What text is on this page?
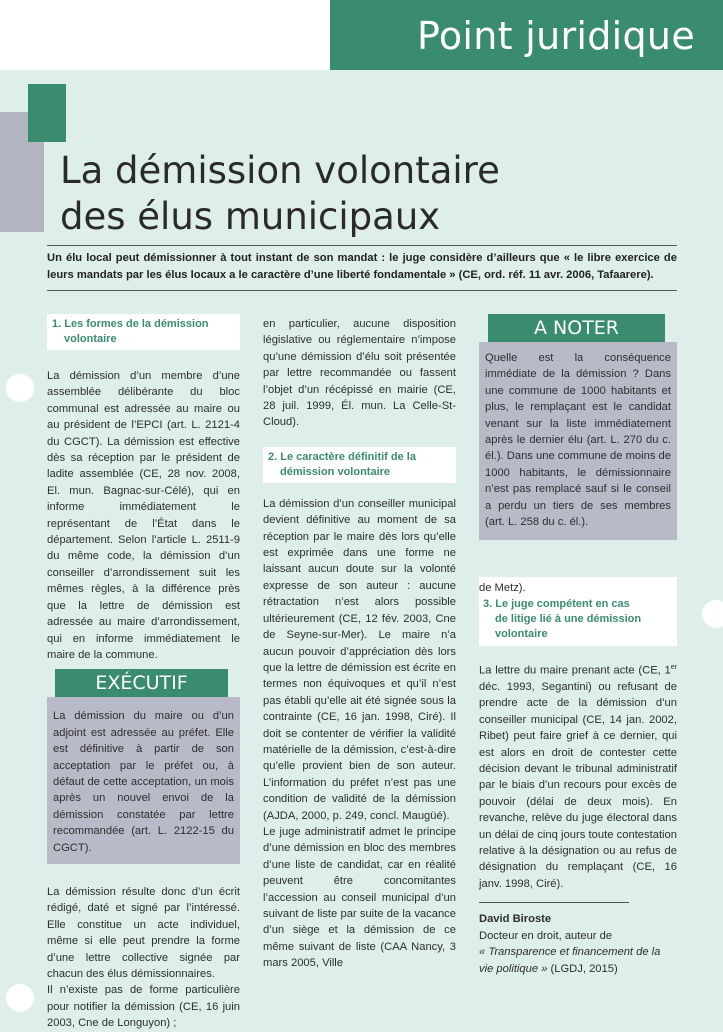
Point juridique
La démission volontaire
des élus municipaux

Un élu local peut démissionner à tout instant de son mandat : le juge considère d’ailleurs que « le libre exercice de leurs mandats par les élus locaux a le caractère d’une liberté fondamentale » (CE, ord. réf. 11 avr. 2006, Tafaarere).

1. Les formes de la démission
volontaire

La démission d’un membre d’une assemblée délibérante du bloc communal est adressée au maire ou au président de l’EPCI (art. L. 2121-4 du CGCT). La démission est effective dès sa réception par le président de ladite assemblée (CE, 28 nov. 2008, El. mun. Bagnac-sur-Célé), qui en informe immédiatement le représentant de l’État dans le département. Selon l’article L. 2511-9 du même code, la démission d’un conseiller d’arrondissement suit les mêmes règles, à la différence près que la lettre de démission est adressée au maire d’arrondissement, qui en informe immédiatement le maire de la commune.

EXÉCUTIF

La démission du maire ou d’un adjoint est adressée au préfet. Elle est définitive à partir de son acceptation par le préfet ou, à défaut de cette acceptation, un mois après un nouvel envoi de la démission constatée par lettre recommandée (art. L. 2122-15 du CGCT).

La démission résulte donc d’un écrit rédigé, daté et signé par l’intéressé. Elle constitue un acte individuel, même si elle peut prendre la forme d’une lettre collective signée par chacun des élus démissionnaires.

Il n’existe pas de forme particulière pour notifier la démission (CE, 16 juin 2003, Cne de Longuyon) ;

en particulier, aucune disposition législative ou réglementaire n’impose qu’une démission d’élu soit présentée par lettre recommandée ou fassent l’objet d’un récépissé en mairie (CE, 28 juil. 1999, Él. mun. La Celle-St-Cloud).

2. Le caractère définitif de la
démission volontaire

La démission d’un conseiller municipal devient définitive au moment de sa réception par le maire dès lors qu’elle est exprimée dans une forme ne laissant aucun doute sur la volonté expresse de son auteur : aucune rétractation n’est alors possible ultérieurement (CE, 12 fév. 2003, Cne de Seyne-sur-Mer). Le maire n’a aucun pouvoir d’appréciation dès lors que la lettre de démission est écrite en termes non équivoques et qu’il n’est pas établi qu’elle ait été signée sous la contrainte (CE, 16 jan. 1998, Ciré). Il doit se contenter de vérifier la validité matérielle de la démission, c’est-à-dire qu’elle provient bien de son auteur. L’information du préfet n’est pas une condition de validité de la démission (AJDA, 2000, p. 249, concl. Maugüé).

Le juge administratif admet le principe d’une démission en bloc des membres d’une liste de candidat, car en réalité peuvent être concomitantes l’accession au conseil municipal d’un suivant de liste par suite de la vacance d’un siège et la démission de ce même suivant de liste (CAA Nancy, 3 mars 2005, Ville

A NOTER

Quelle est la conséquence immédiate de la démission ? Dans une commune de 1000 habitants et plus, le remplaçant est le candidat venant sur la liste immédiatement après le dernier élu (art. L. 270 du c. él.). Dans une commune de moins de 1000 habitants, le démissionnaire n’est pas remplacé sauf si le conseil a perdu un tiers de ses membres (art. L. 258 du c. él.).

de Metz).

3. Le juge compétent en cas
de litige lié à une démission
volontaire

La lettre du maire prenant acte (CE, 1er déc. 1993, Segantini) ou refusant de prendre acte de la démission d’un conseiller municipal (CE, 14 jan. 2002, Ribet) peut faire grief à ce dernier, qui est alors en droit de contester cette décision devant le tribunal administratif par le biais d’un recours pour excès de pouvoir (délai de deux mois). En revanche, relève du juge électoral dans un délai de cinq jours toute contestation relative à la désignation ou au refus de désignation du remplaçant (CE, 16 janv. 1998, Ciré).

David Biroste

Docteur en droit, auteur de

« Transparence et financement de la vie politique » (LGDJ, 2015)
